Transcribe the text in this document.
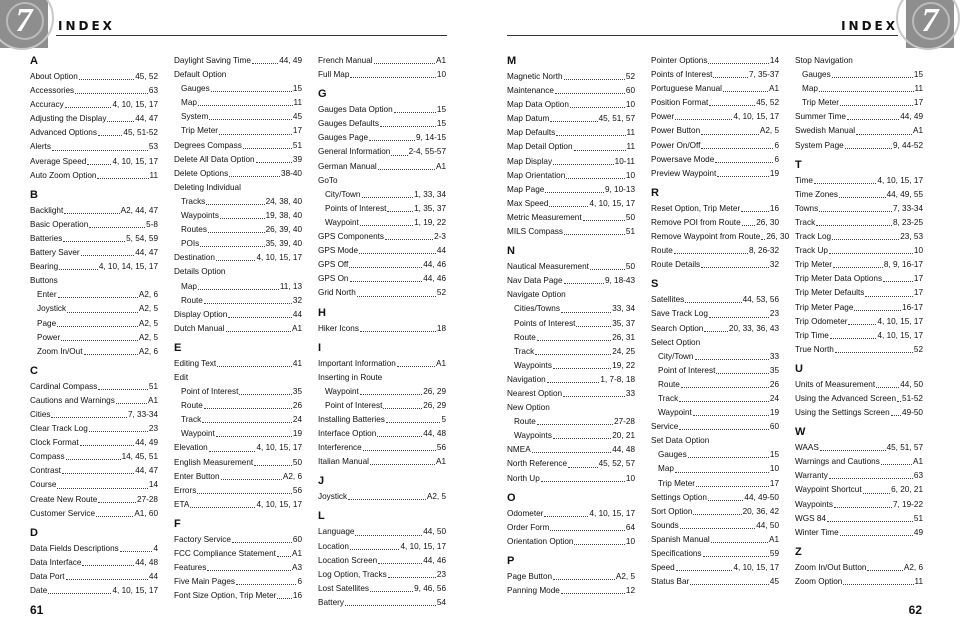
7	INDEX
A
About Option	45, 52
Accessories	63
Accuracy	4, 10, 15, 17
Adjusting the Display	44, 47
Advanced Options	45, 51-52
Alerts	53
Average Speed	4, 10, 15, 17
Auto Zoom Option	11
B
Backlight	A2, 44, 47
Basic Operation	5-8
Batteries	5, 54, 59
Battery Saver	44, 47
Bearing	4, 10, 14, 15, 17
Buttons
Enter	A2, 6
Joystick	A2, 5
Page	A2, 5
Power	A2, 5
Zoom In/Out	A2, 6
C
Cardinal Compass	51
Cautions and Warnings	A1
Cities	7, 33-34
Clear Track Log	23
Clock Format	44, 49
Compass	14, 45, 51
Contrast	44, 47
Course	14
Create New Route	27-28
Customer Service	A1, 60
D
Data Fields Descriptions	4
Data Interface	44, 48
Data Port	44
Date	4, 10, 15, 17
Daylight Saving Time	44, 49
Default Option
Gauges	15
Map	11
System	45
Trip Meter	17
Degrees Compass	51
Delete All Data Option	39
Delete Options	38-40
Deleting Individual
Tracks	24, 38, 40
Waypoints	19, 38, 40
Routes	26, 39, 40
POIs	35, 39, 40
Destination	4, 10, 15, 17
Details Option
Map	11, 13
Route	32
Display Option	44
Dutch Manual	A1
E
Editing Text	41
Edit
Point of Interest	35
Route	26
Track	24
Waypoint	19
Elevation	4, 10, 15, 17
English Measurement	50
Enter Button	A2, 6
Errors	56
ETA	4, 10, 15, 17
F
Factory Service	60
FCC Compliance Statement A1
Features	A3
Five Main Pages	6
Font Size Option, Trip Meter 16
French Manual	A1
Full Map	10
G
Gauges Data Option	15
Gauges Defaults	15
Gauges Page	9, 14-15
General Information 2-4, 55-57
German Manual	A1
GoTo
City/Town	1, 33, 34
Points of Interest	1, 35, 37
Waypoint	1, 19, 22
GPS Components	2-3
GPS Mode	44
GPS Off	44, 46
GPS On	44, 46
Grid North	52
H
Hiker Icons	18
I
Important Information	A1
Inserting in Route
Waypoint	26, 29
Point of Interest	26, 29
Installing Batteries	5
Interface Option	44, 48
Interference	56
Italian Manual	A1
J
Joystick	A2, 5
L
Language	44, 50
Location	4, 10, 15, 17
Location Screen	44, 46
Log Option, Tracks	23
Lost Satellites	9, 46, 56
Battery	54
61
7
INDEX
M
Magnetic North	52
Maintenance	60
Map Data Option	10
Map Datum	45, 51, 57
Map Defaults	11
Map Detail Option	11
Map Display	10-11
Map Orientation	10
Map Page	9, 10-13
Max Speed	4, 10, 15, 17
Metric Measurement	50
MILS Compass	51
N
Nautical Measurement	50
Nav Data Page	9, 18-43
Navigate Option
Cities/Towns	33, 34
Points of Interest	35, 37
Route	26, 31
Track	24, 25
Waypoints	19, 22
Navigation	1, 7-8, 18
Nearest Option	33
New Option
Route	27-28
Waypoints	20, 21
NMEA	44, 48
North Reference	45, 52, 57
North Up	10
O
Odometer	4, 10, 15, 17
Order Form	64
Orientation Option	10
P
Page Button	A2, 5
Panning Mode	12
Pointer Options	14
Points of Interest	7, 35-37
Portuguese Manual	A1
Position Format	45, 52
Power	4, 10, 15, 17
Power Button	A2, 5
Power On/Off	6
Powersave Mode	6
Preview Waypoint	19
R
Reset Option, Trip Meter	16
Remove POI from Route 26, 30
Remove Waypoint from Route 26, 30
Route	8, 26-32
Route Details	32
S
Satellites	44, 53, 56
Save Track Log	23
Search Option	20, 33, 36, 43
Select Option
City/Town	33
Point of Interest	35
Route	26
Track	24
Waypoint	19
Service	60
Set Data Option
Gauges	15
Map	10
Trip Meter	17
Settings Option	44, 49-50
Sort Option	20, 36, 42
Sounds	44, 50
Spanish Manual	A1
Specifications	59
Speed	4, 10, 15, 17
Status Bar	45
Stop Navigation
Gauges	15
Map	11
Trip Meter	17
Summer Time	44, 49
Swedish Manual	A1
System Page	9, 44-52
T
Time	4, 10, 15, 17
Time Zones	44, 49, 55
Towns	7, 33-34
Track	8, 23-25
Track Log	23, 53
Track Up	10
Trip Meter	8, 9, 16-17
Trip Meter Data Options	17
Trip Meter Defaults	17
Trip Meter Page	16-17
Trip Odometer	4, 10, 15, 17
Trip Time	4, 10, 15, 17
True North	52
U
Units of Measurement	44, 50
Using the Advanced Screen 51-52
Using the Settings Screen 49-50
W
WAAS	45, 51, 57
Warnings and Cautions	A1
Warranty	63
Waypoint Shortcut	6, 20, 21
Waypoints	7, 19-22
WGS 84	51
Winter Time	49
Z
Zoom In/Out Button	A2, 6
Zoom Option	11
62
